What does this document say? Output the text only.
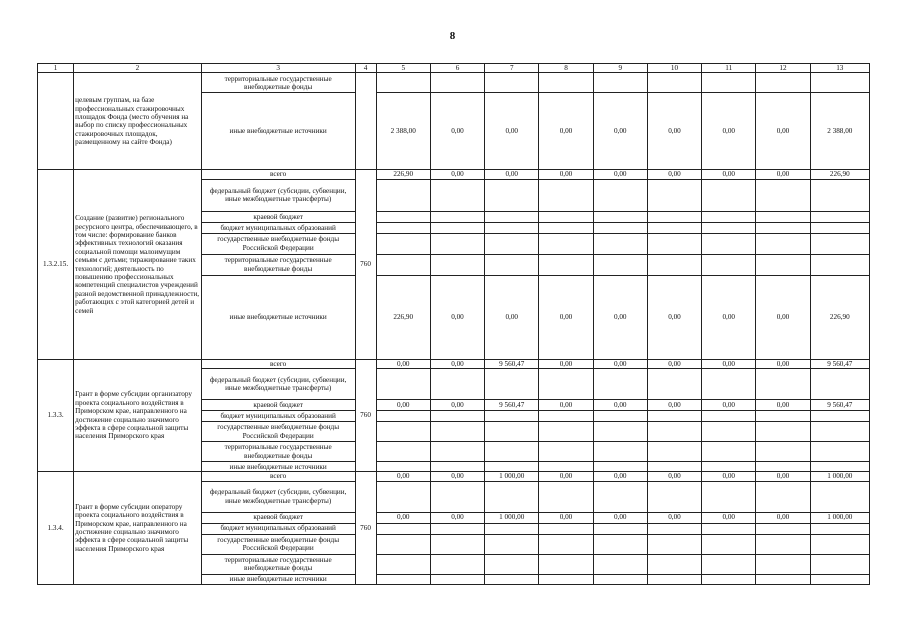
8
1	2	3	4	5	6	7	8	9	10	11	12	13
	целевым группам, на базе профессиональных стажировочных площадок Фонда (место обучения на выбор по списку профессиональных стажировочных площадок, размещенному на сайте Фонда)	территориальные государственные внебюджетные фонды										
		иные внебюджетные источники		2 388,00	0,00	0,00	0,00	0,00	0,00	0,00	0,00	2 388,00
1.3.2.15.	Создание (развитие) регионального ресурсного центра, обеспечивающего, в том числе: формирование банков эффективных технологий оказания социальной помощи малоимущим семьям с детьми; тиражирование таких технологий; деятельность по повышению профессиональных компетенций специалистов учреждений разной ведомственной принадлежности, работающих с этой категорией детей и семей	всего	760	226,90	0,00	0,00	0,00	0,00	0,00	0,00	0,00	226,90
		федеральный бюджет (субсидии, субвенции, иные межбюджетные трансферты)										
		краевой бюджет										
		бюджет муниципальных образований										
		государственные внебюджетные фонды Российской Федерации										
		территориальные государственные внебюджетные фонды										
		иные внебюджетные источники		226,90	0,00	0,00	0,00	0,00	0,00	0,00	0,00	226,90
1.3.3.	Грант в форме субсидии организатору проекта социального воздействия в Приморском крае, направленного на достижение социально значимого эффекта в сфере социальной защиты населения Приморского края	всего	760	0,00	0,00	9 560,47	0,00	0,00	0,00	0,00	0,00	9 560,47
		федеральный бюджет (субсидии, субвенции, иные межбюджетные трансферты)										
		краевой бюджет		0,00	0,00	9 560,47	0,00	0,00	0,00	0,00	0,00	9 560,47
		бюджет муниципальных образований										
		государственные внебюджетные фонды Российской Федерации										
		территориальные государственные внебюджетные фонды										
		иные внебюджетные источники										
1.3.4.	Грант в форме субсидии оператору проекта социального воздействия в Приморском крае, направленного на достижение социально значимого эффекта в сфере социальной защиты населения Приморского края	всего	760	0,00	0,00	1 000,00	0,00	0,00	0,00	0,00	0,00	1 000,00
		федеральный бюджет (субсидии, субвенции, иные межбюджетные трансферты)										
		краевой бюджет		0,00	0,00	1 000,00	0,00	0,00	0,00	0,00	0,00	1 000,00
		бюджет муниципальных образований										
		государственные внебюджетные фонды Российской Федерации										
		территориальные государственные внебюджетные фонды										
		иные внебюджетные источники										
